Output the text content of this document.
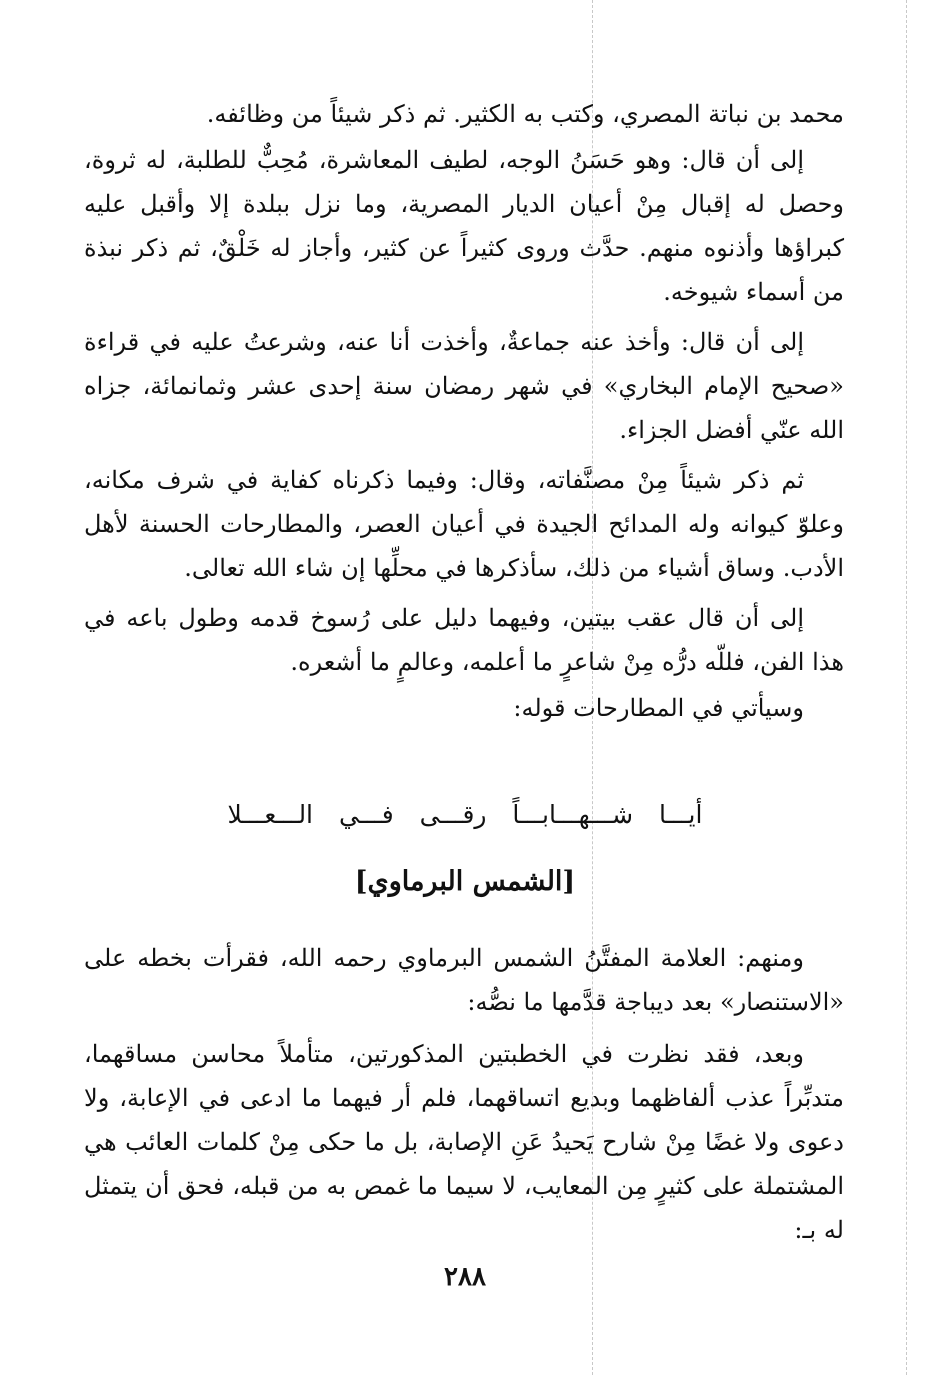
محمد بن نباتة المصري، وكتب به الكثير. ثم ذكر شيئاً من وظائفه.

إلى أن قال: وهو حَسَنُ الوجه، لطيف المعاشرة، مُحِبٌّ للطلبة، له ثروة، وحصل له إقبال مِنْ أعيان الديار المصرية، وما نزل ببلدة إلا وأقبل عليه كبراؤها وأذنوه منهم. حدَّث وروى كثيراً عن كثير، وأجاز له خَلْقٌ، ثم ذكر نبذة من أسماء شيوخه.

إلى أن قال: وأخذ عنه جماعةٌ، وأخذت أنا عنه، وشرعتُ عليه في قراءة «صحيح الإمام البخاري» في شهر رمضان سنة إحدى عشر وثمانمائة، جزاه الله عنّي أفضل الجزاء.

ثم ذكر شيئاً مِنْ مصنَّفاته، وقال: وفيما ذكرناه كفاية في شرف مكانه، وعلوّ كيوانه وله المدائح الجيدة في أعيان العصر، والمطارحات الحسنة لأهل الأدب. وساق أشياء من ذلك، سأذكرها في محلِّها إن شاء الله تعالى.

إلى أن قال عقب بيتين، وفيهما دليل على رُسوخ قدمه وطول باعه في هذا الفن، فللّه درُّه مِنْ شاعرٍ ما أعلمه، وعالمٍ ما أشعره.

وسيأتي في المطارحات قوله:

أيـــا شـــهـــابـــاً رقـــى فـــي الـــعـــلا
[الشمس البرماوي]

ومنهم: العلامة المفتَّنُ الشمس البرماوي رحمه الله، فقرأت بخطه على «الاستنصار» بعد ديباجة قدَّمها ما نصُّه:

وبعد، فقد نظرت في الخطبتين المذكورتين، متأملاً محاسن مساقهما، متدبِّراً عذب ألفاظهما وبديع اتساقهما، فلم أر فيهما ما ادعى في الإعابة، ولا دعوى ولا غضًا مِنْ شارح يَحيدُ عَنِ الإصابة، بل ما حكى مِنْ كلمات العائب هي المشتملة على كثيرٍ مِن المعايب، لا سيما ما غمص به من قبله، فحق أن يتمثل له بـ:

٢٨٨
